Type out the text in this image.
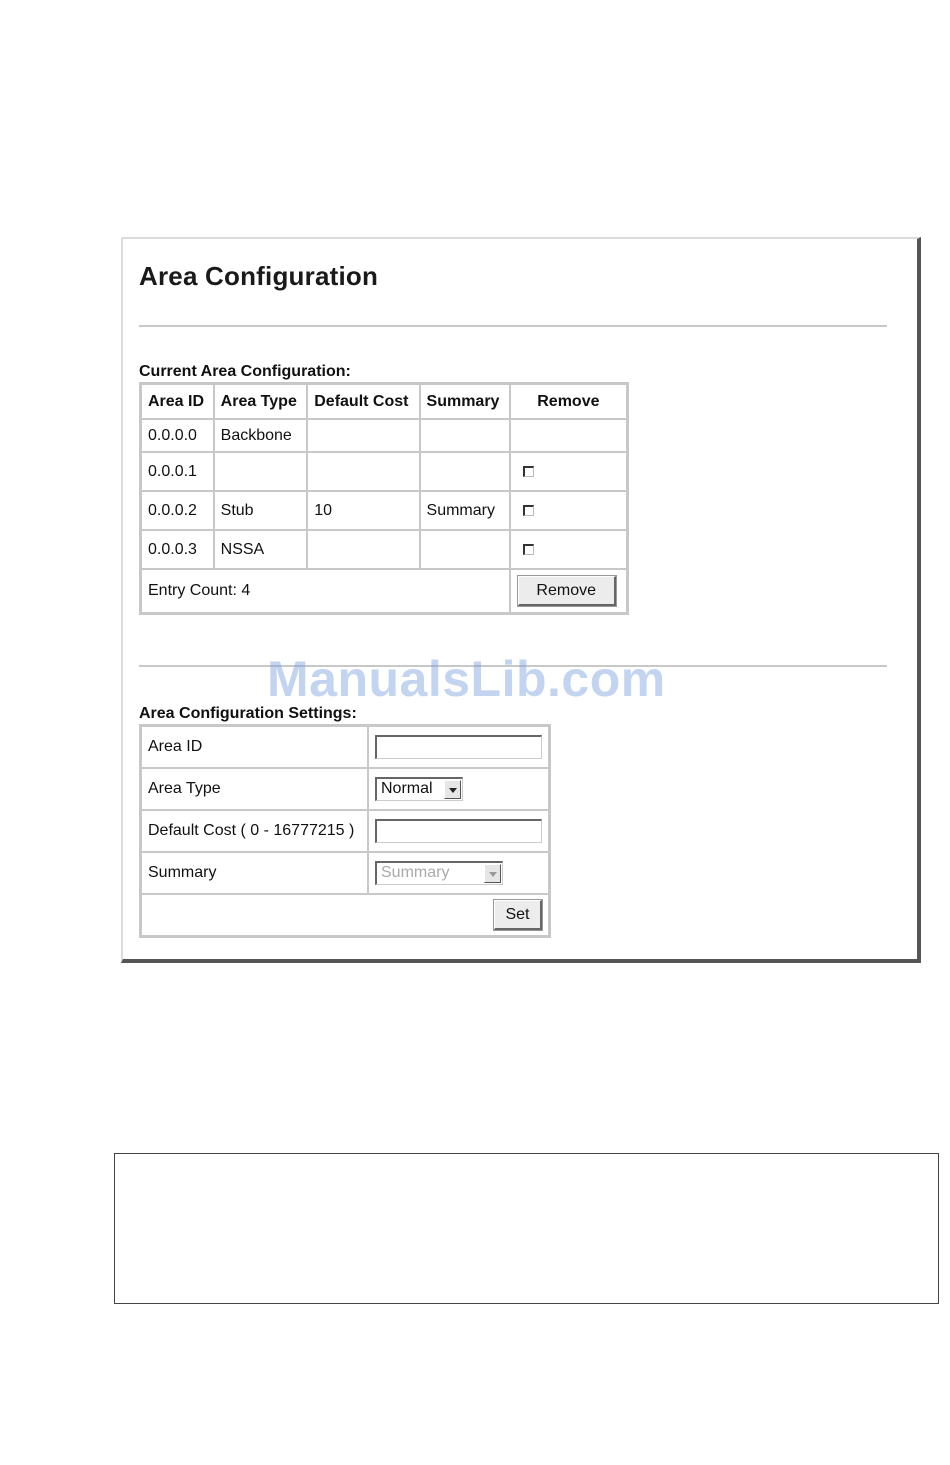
Area Configuration
Current Area Configuration:
Area ID	Area Type	Default Cost	Summary	Remove
0.0.0.0	Backbone			
0.0.0.1				
0.0.0.2	Stub	10	Summary	
0.0.0.3	NSSA			
Entry Count: 4				Remove
Area Configuration Settings:
Area ID	

Area Type	Normal

Default Cost ( 0 - 16777215 )	

Summary	Summary

Set	
ManualsLib.com
